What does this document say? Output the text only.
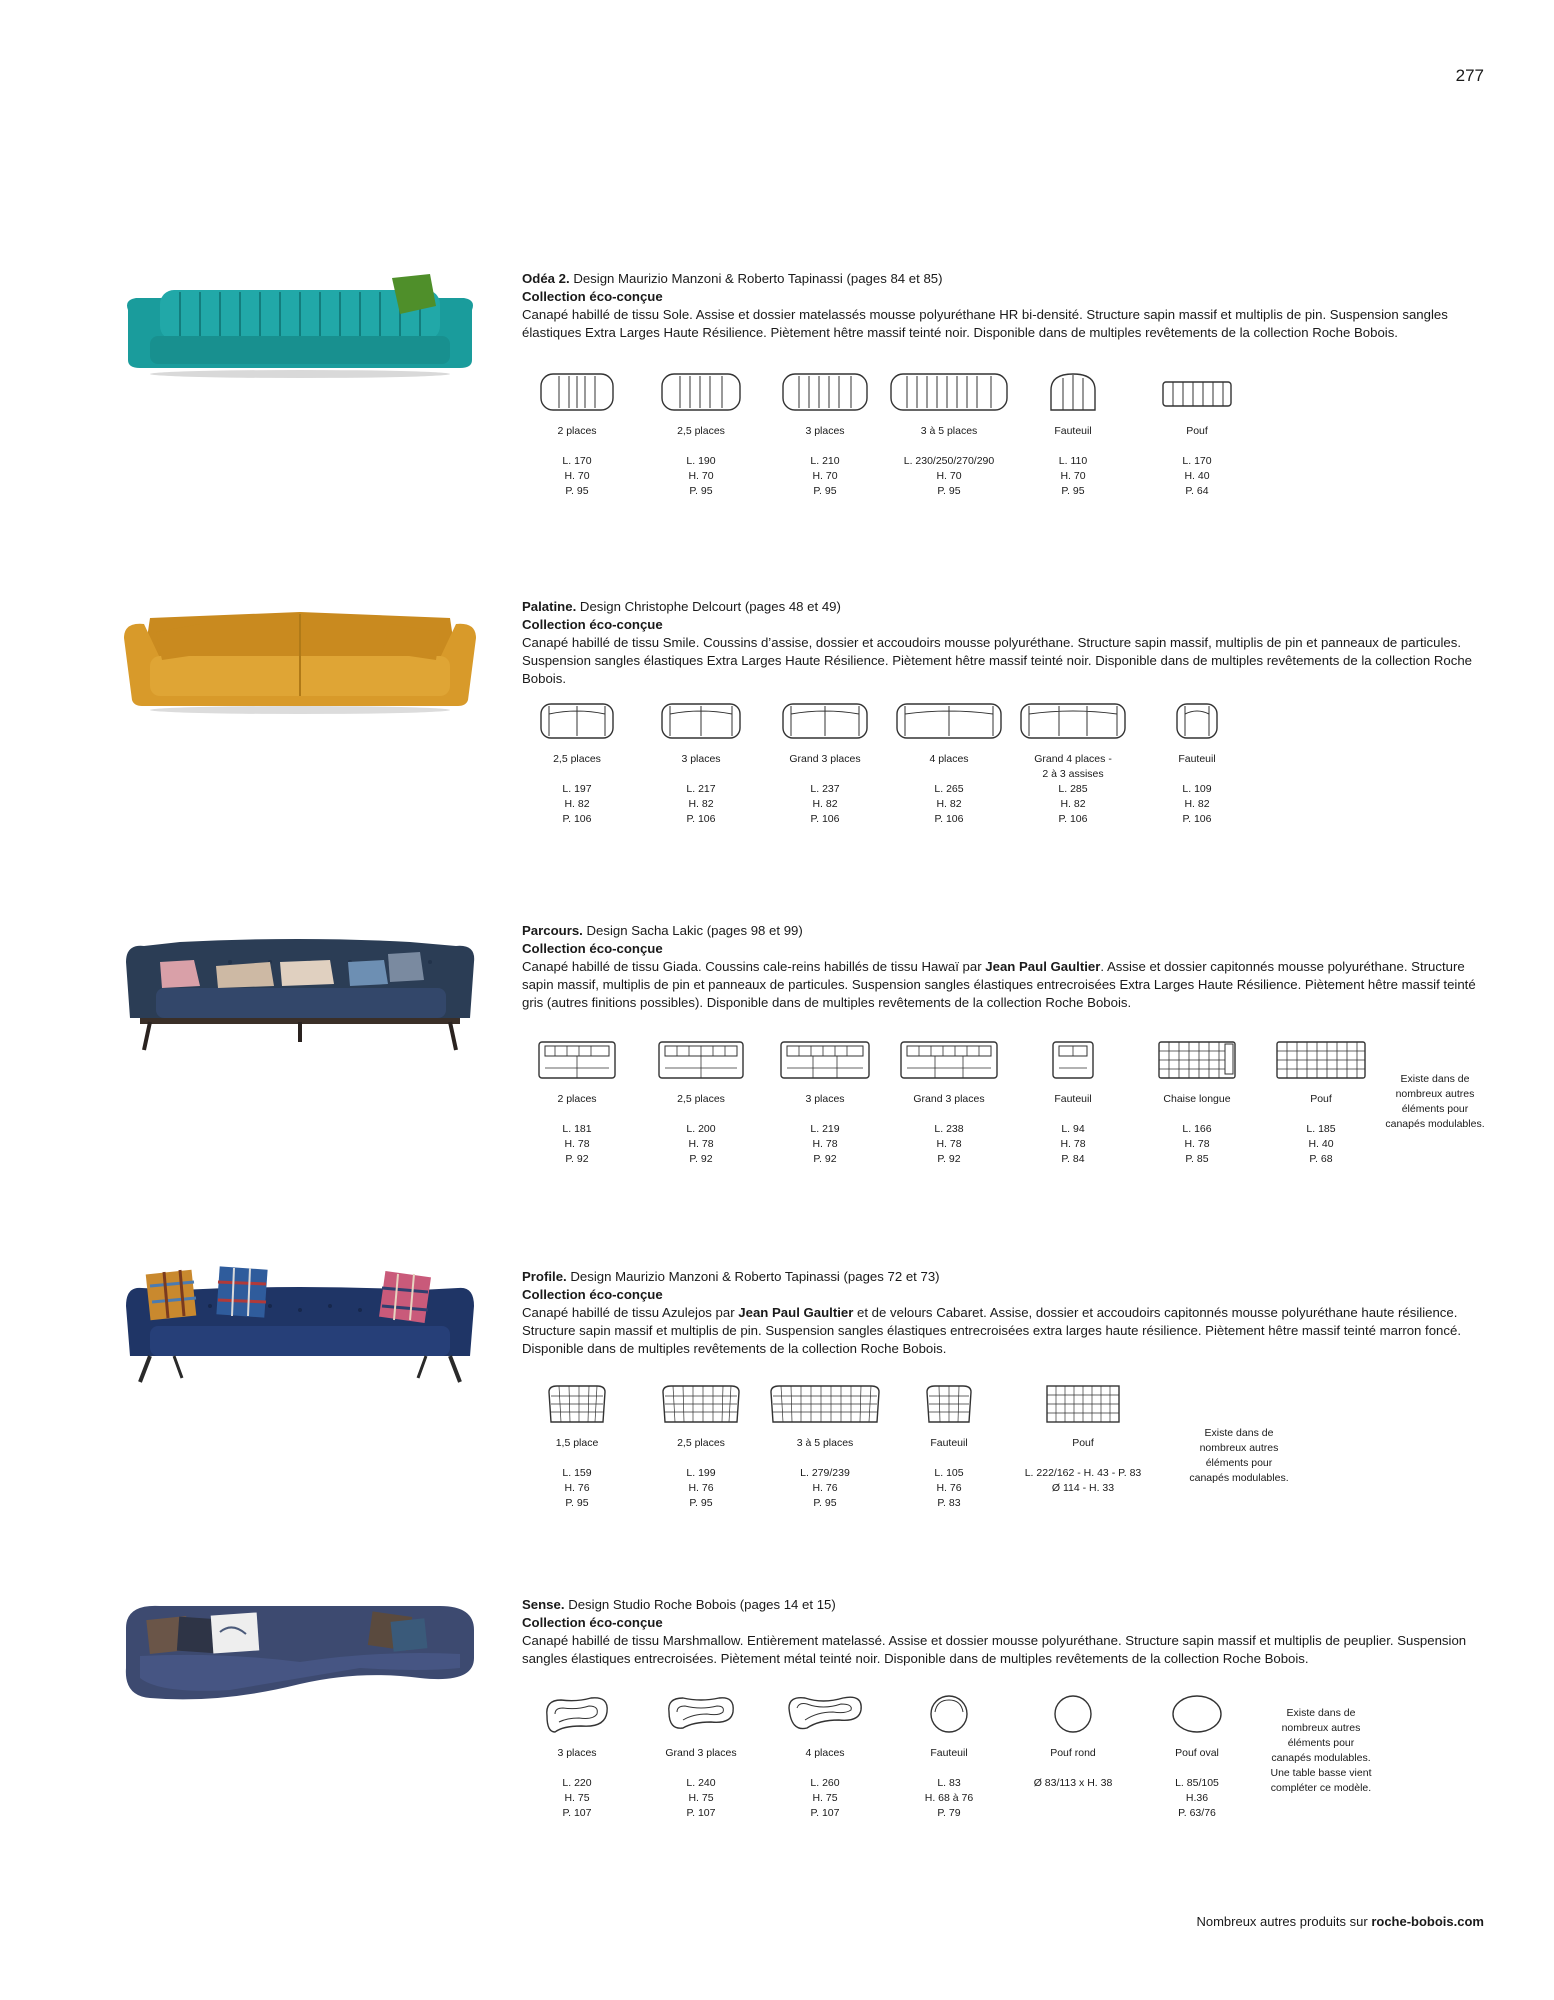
277
Odéa 2. Design Maurizio Manzoni & Roberto Tapinassi (pages 84 et 85)
Collection éco-conçue
Canapé habillé de tissu Sole. Assise et dossier matelassés mousse polyuréthane HR bi-densité. Structure sapin massif et multiplis de pin. Suspension sangles élastiques Extra Larges Haute Résilience. Piètement hêtre massif teinté noir. Disponible dans de multiples revêtements de la collection Roche Bobois.
2 places
L. 170
H. 70
P. 95
2,5 places
L. 190
H. 70
P. 95
3 places
L. 210
H. 70
P. 95
3 à 5 places
L. 230/250/270/290
H. 70
P. 95
Fauteuil
L. 110
H. 70
P. 95
Pouf
L. 170
H. 40
P. 64
Palatine. Design Christophe Delcourt (pages 48 et 49)
Collection éco-conçue
Canapé habillé de tissu Smile. Coussins d’assise, dossier et accoudoirs mousse polyuréthane. Structure sapin massif, multiplis de pin et panneaux de particules. Suspension sangles élastiques Extra Larges Haute Résilience. Piètement hêtre massif teinté noir. Disponible dans de multiples revêtements de la collection Roche Bobois.
2,5 places
L. 197
H. 82
P. 106
3 places
L. 217
H. 82
P. 106
Grand 3 places
L. 237
H. 82
P. 106
4 places
L. 265
H. 82
P. 106
Grand 4 places -
2 à 3 assises
L. 285
H. 82
P. 106
Fauteuil
L. 109
H. 82
P. 106
Parcours. Design Sacha Lakic (pages 98 et 99)
Collection éco-conçue
Canapé habillé de tissu Giada. Coussins cale-reins habillés de tissu Hawaï par Jean Paul Gaultier. Assise et dossier capitonnés mousse polyuréthane. Structure sapin massif, multiplis de pin et panneaux de particules. Suspension sangles élastiques entrecroisées Extra Larges Haute Résilience. Piètement hêtre massif teinté gris (autres finitions possibles). Disponible dans de multiples revêtements de la collection Roche Bobois.
2 places
L. 181
H. 78
P. 92
2,5 places
L. 200
H. 78
P. 92
3 places
L. 219
H. 78
P. 92
Grand 3 places
L. 238
H. 78
P. 92
Fauteuil
L. 94
H. 78
P. 84
Chaise longue
L. 166
H. 78
P. 85
Pouf
L. 185
H. 40
P. 68
Existe dans de
nombreux autres
éléments pour
canapés modulables.
Profile. Design Maurizio Manzoni & Roberto Tapinassi (pages 72 et 73)
Collection éco-conçue
Canapé habillé de tissu Azulejos par Jean Paul Gaultier et de velours Cabaret. Assise, dossier et accoudoirs capitonnés mousse polyuréthane haute résilience. Structure sapin massif et multiplis de pin. Suspension sangles élastiques entrecroisées extra larges haute résilience. Piètement hêtre massif teinté marron foncé. Disponible dans de multiples revêtements de la collection Roche Bobois.
1,5 place
L. 159
H. 76
P. 95
2,5 places
L. 199
H. 76
P. 95
3 à 5 places
L. 279/239
H. 76
P. 95
Fauteuil
L. 105
H. 76
P. 83
Pouf
L. 222/162 - H. 43 - P. 83
Ø 114 - H. 33
Existe dans de
nombreux autres
éléments pour
canapés modulables.
Sense. Design Studio Roche Bobois (pages 14 et 15)
Collection éco-conçue
Canapé habillé de tissu Marshmallow. Entièrement matelassé. Assise et dossier mousse polyuréthane. Structure sapin massif et multiplis de peuplier. Suspension sangles élastiques entrecroisées. Piètement métal teinté noir. Disponible dans de multiples revêtements de la collection Roche Bobois.
3 places
L. 220
H. 75
P. 107
Grand 3 places
L. 240
H. 75
P. 107
4 places
L. 260
H. 75
P. 107
Fauteuil
L. 83
H. 68 à 76
P. 79
Pouf rond
Ø 83/113 x H. 38
Pouf oval
L. 85/105
H.36
P. 63/76
Existe dans de
nombreux autres
éléments pour
canapés modulables.
Une table basse vient
compléter ce modèle.
Nombreux autres produits sur roche-bobois.com
